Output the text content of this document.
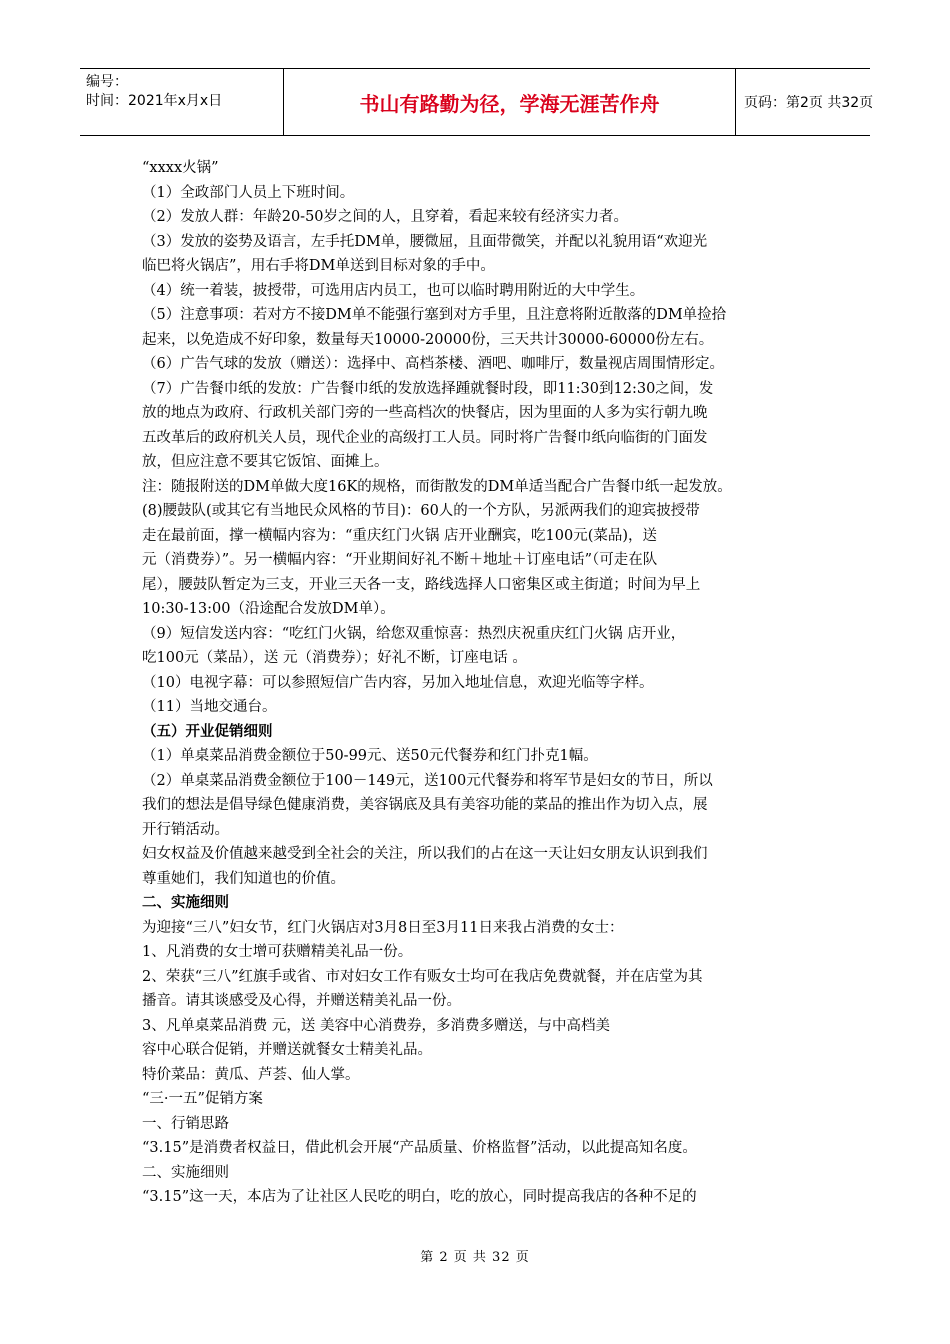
编号：
时间：2021年x月x日	书山有路勤为径，学海无涯苦作舟	页码：第2页 共32页

“xxxx火锅”

（1）全政部门人员上下班时间。

（2）发放人群：年龄20-50岁之间的人，且穿着，看起来较有经济实力者。

（3）发放的姿势及语言，左手托DM单，腰微屈，且面带微笑，并配以礼貌用语“欢迎光

临巴将火锅店”，用右手将DM单送到目标对象的手中。

（4）统一着装，披授带，可选用店内员工，也可以临时聘用附近的大中学生。

（5）注意事项：若对方不接DM单不能强行塞到对方手里，且注意将附近散落的DM单捡拾

起来，以免造成不好印象，数量每天10000-20000份，三天共计30000-60000份左右。

（6）广告气球的发放（赠送）：选择中、高档茶楼、酒吧、咖啡厅，数量视店周围情形定。

（7）广告餐巾纸的发放：广告餐巾纸的发放选择踵就餐时段，即11:30到12:30之间，发

放的地点为政府、行政机关部门旁的一些高档次的快餐店，因为里面的人多为实行朝九晚

五改革后的政府机关人员，现代企业的高级打工人员。同时将广告餐巾纸向临街的门面发

放，但应注意不要其它饭馆、面摊上。

注：随报附送的DM单做大度16K的规格，而街散发的DM单适当配合广告餐巾纸一起发放。

(8)腰鼓队(或其它有当地民众风格的节目)：60人的一个方队，另派两我们的迎宾披授带

走在最前面，撑一横幅内容为：“重庆红门火锅 店开业酬宾，吃100元(菜品)，送

元（消费券）”。另一横幅内容：“开业期间好礼不断＋地址＋订座电话”（可走在队

尾），腰鼓队暂定为三支，开业三天各一支，路线选择人口密集区或主街道；时间为早上

10:30-13:00（沿途配合发放DM单）。

（9）短信发送内容：“吃红门火锅，给您双重惊喜：热烈庆祝重庆红门火锅 店开业，

吃100元（菜品），送 元（消费券）；好礼不断，订座电话 。

（10）电视字幕：可以参照短信广告内容，另加入地址信息，欢迎光临等字样。

（11）当地交通台。

（五）开业促销细则

（1）单桌菜品消费金额位于50-99元、送50元代餐券和红门扑克1幅。

（2）单桌菜品消费金额位于100－149元，送100元代餐券和将军节是妇女的节日，所以

我们的想法是倡导绿色健康消费，美容锅底及具有美容功能的菜品的推出作为切入点，展

开行销活动。

妇女权益及价值越来越受到全社会的关注，所以我们的占在这一天让妇女朋友认识到我们

尊重她们，我们知道也的价值。

二、实施细则

为迎接“三八”妇女节，红门火锅店对3月8日至3月11日来我占消费的女士：

1、凡消费的女士增可获赠精美礼品一份。

2、荣获“三八”红旗手或省、市对妇女工作有贩女士均可在我店免费就餐，并在店堂为其

播音。请其谈感受及心得，并赠送精美礼品一份。

3、凡单桌菜品消费 元，送 美容中心消费券，多消费多赠送，与中高档美

容中心联合促销，并赠送就餐女士精美礼品。

特价菜品：黄瓜、芦荟、仙人掌。

“三·一五”促销方案

一、行销思路

“3.15”是消费者权益日，借此机会开展“产品质量、价格监督”活动，以此提高知名度。

二、实施细则

“3.15”这一天，本店为了让社区人民吃的明白，吃的放心，同时提高我店的各种不足的

第 2 页 共 32 页
